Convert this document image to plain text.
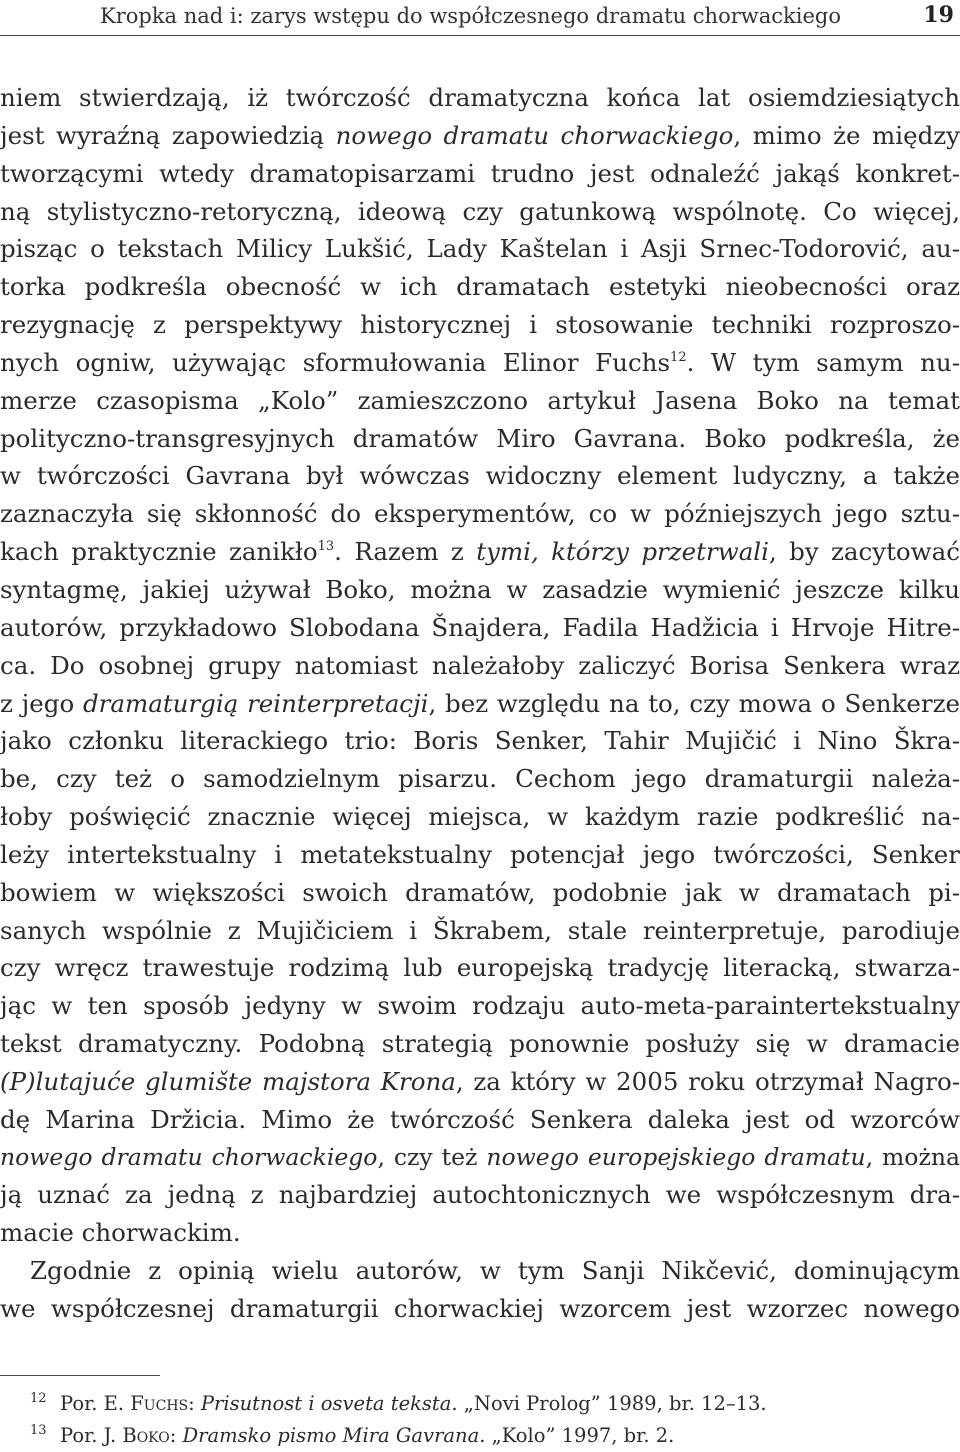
Kropka nad i: zarys wstępu do współczesnego dramatu chorwackiego	19
niem stwierdzają, iż twórczość dramatyczna końca lat osiemdziesiątych
jest wyraźną zapowiedzią nowego dramatu chorwackiego, mimo że między
tworzącymi wtedy dramatopisarzami trudno jest odnaleźć jakąś konkret-
ną stylistyczno-retoryczną, ideową czy gatunkową wspólnotę. Co więcej,
pisząc o tekstach Milicy Lukšić, Lady Kaštelan i Asji Srnec-Todorović, au-
torka podkreśla obecność w ich dramatach estetyki nieobecności oraz
rezygnację z perspektywy historycznej i stosowanie techniki rozproszo-
nych ogniw, używając sformułowania Elinor Fuchs$^{12}$. W tym samym nu-
merze czasopisma „Kolo” zamieszczono artykuł Jasena Boko na temat
polityczno-transgresyjnych dramatów Miro Gavrana. Boko podkreśla, że
w twórczości Gavrana był wówczas widoczny element ludyczny, a także
zaznaczyła się skłonność do eksperymentów, co w późniejszych jego sztu-
kach praktycznie zanikło$^{13}$. Razem z tymi, którzy przetrwali, by zacytować
syntagmę, jakiej używał Boko, można w zasadzie wymienić jeszcze kilku
autorów, przykładowo Slobodana Šnajdera, Fadila Hadžicia i Hrvoje Hitre-
ca. Do osobnej grupy natomiast należałoby zaliczyć Borisa Senkera wraz
z jego dramaturgią reinterpretacji, bez względu na to, czy mowa o Senkerze
jako członku literackiego trio: Boris Senker, Tahir Mujičić i Nino Škra-
be, czy też o samodzielnym pisarzu. Cechom jego dramaturgii należa-
łoby poświęcić znacznie więcej miejsca, w każdym razie podkreślić na-
leży intertekstualny i metatekstualny potencjał jego twórczości, Senker
bowiem w większości swoich dramatów, podobnie jak w dramatach pi-
sanych wspólnie z Mujičiciem i Škrabem, stale reinterpretuje, parodiuje
czy wręcz trawestuje rodzimą lub europejską tradycję literacką, stwarza-
jąc w ten sposób jedyny w swoim rodzaju auto-meta-paraintertekstualny
tekst dramatyczny. Podobną strategią ponownie posłuży się w dramacie
(P)lutajuće glumište majstora Krona, za który w 2005 roku otrzymał Nagro-
dę Marina Držicia. Mimo że twórczość Senkera daleka jest od wzorców
nowego dramatu chorwackiego, czy też nowego europejskiego dramatu, można
ją uznać za jedną z najbardziej autochtonicznych we współczesnym dra-
macie chorwackim.
Zgodnie z opinią wielu autorów, w tym Sanji Nikčević, dominującym
we współczesnej dramaturgii chorwackiej wzorcem jest wzorzec nowego
12 Por. E. Fuchs: Prisutnost i osveta teksta. „Novi Prolog” 1989, br. 12–13.
13 Por. J. Boko: Dramsko pismo Mira Gavrana. „Kolo” 1997, br. 2.
